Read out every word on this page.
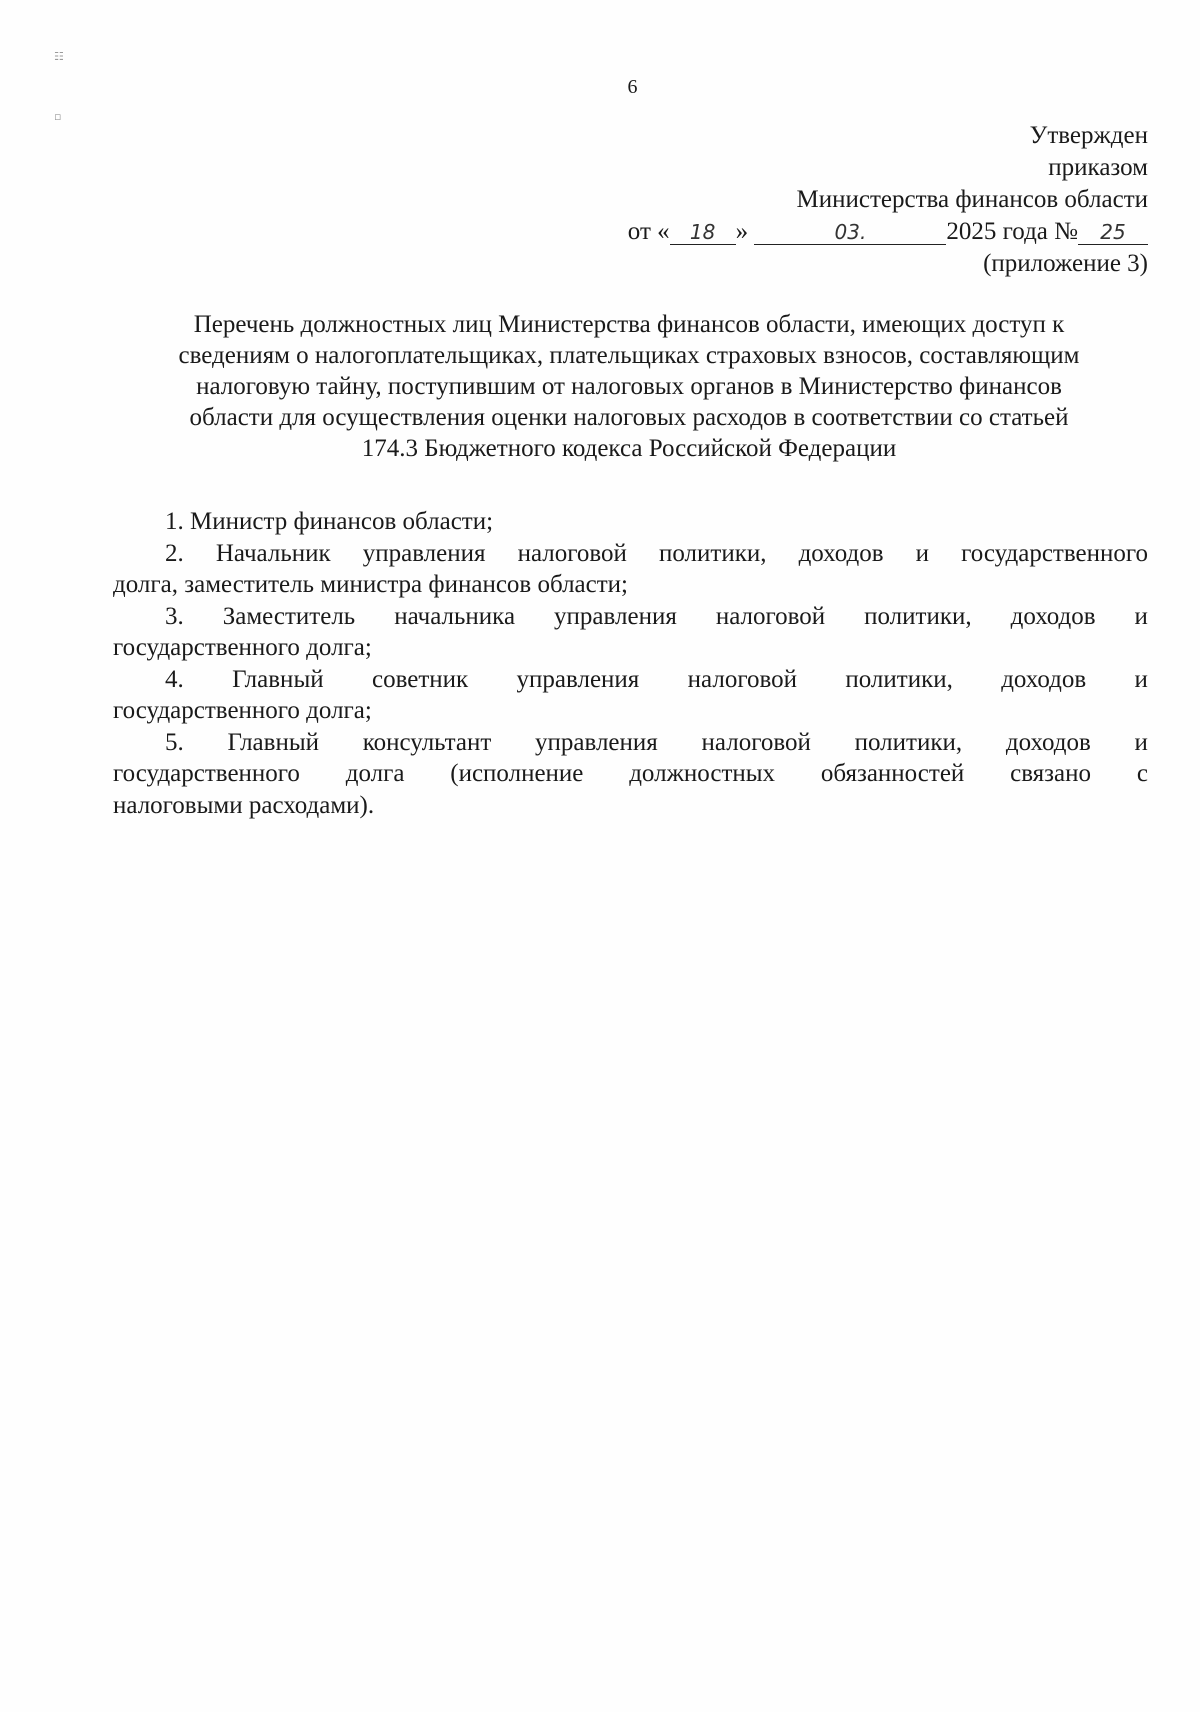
☷
▫
6
Утвержден
приказом
Министерства финансов области
от « 18 »	03.	2025 года № 25
(приложение 3)
Перечень должностных лиц Министерства финансов области, имеющих доступ к
сведениям о налогоплательщиках, плательщиках страховых взносов, составляющим
налоговую тайну, поступившим от налоговых органов в Министерство финансов
области для осуществления оценки налоговых расходов в соответствии со статьей
174.3 Бюджетного кодекса Российской Федерации
1. Министр финансов области;
2. Начальник управления налоговой политики, доходов и государственного
долга, заместитель министра финансов области;
3. Заместитель начальника управления налоговой политики, доходов и
государственного долга;
4. Главный советник управления налоговой политики, доходов и
государственного долга;
5. Главный консультант управления налоговой политики, доходов и
государственного долга (исполнение должностных обязанностей связано с
налоговыми расходами).
